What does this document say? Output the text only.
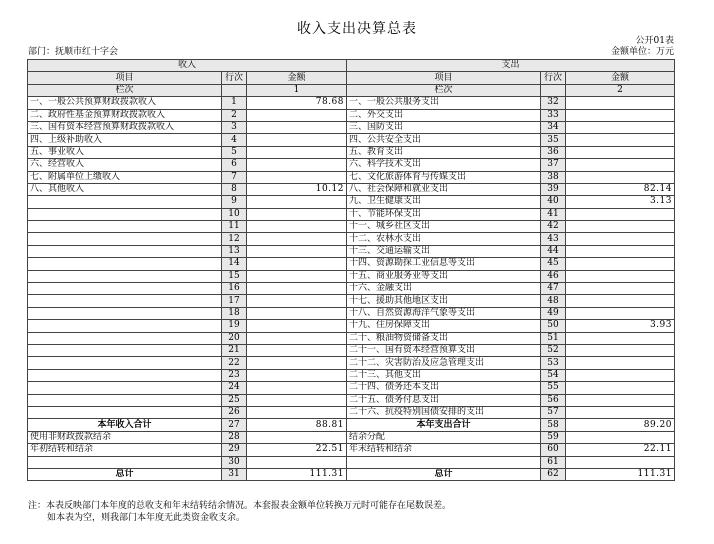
收入支出决算总表
公开01表
部门：抚顺市红十字会	金额单位：万元
收入			支出		
项目	行次	金额	项目	行次	金额
栏次		1	栏次		2
一、一般公共预算财政拨款收入	1	78.68	一、一般公共服务支出	32	
二、政府性基金预算财政拨款收入	2		二、外交支出	33	
三、国有资本经营预算财政拨款收入	3		三、国防支出	34	
四、上级补助收入	4		四、公共安全支出	35	
五、事业收入	5		五、教育支出	36	
六、经营收入	6		六、科学技术支出	37	
七、附属单位上缴收入	7		七、文化旅游体育与传媒支出	38	
八、其他收入	8	10.12	八、社会保障和就业支出	39	82.14
	9		九、卫生健康支出	40	3.13
	10		十、节能环保支出	41	
	11		十一、城乡社区支出	42	
	12		十二、农林水支出	43	
	13		十三、交通运输支出	44	
	14		十四、资源勘探工业信息等支出	45	
	15		十五、商业服务业等支出	46	
	16		十六、金融支出	47	
	17		十七、援助其他地区支出	48	
	18		十八、自然资源海洋气象等支出	49	
	19		十九、住房保障支出	50	3.93
	20		二十、粮油物资储备支出	51	
	21		二十一、国有资本经营预算支出	52	
	22		二十二、灾害防治及应急管理支出	53	
	23		二十三、其他支出	54	
	24		二十四、债务还本支出	55	
	25		二十五、债务付息支出	56	
	26		二十六、抗疫特别国债安排的支出	57	
本年收入合计	27	88.81	本年支出合计	58	89.20
使用非财政拨款结余	28		结余分配	59	
年初结转和结余	29	22.51	年末结转和结余	60	22.11
	30			61	
总计	31	111.31	总计	62	111.31
注：本表反映部门本年度的总收支和年末结转结余情况。本套报表金额单位转换万元时可能存在尾数误差。
如本表为空，则我部门本年度无此类资金收支余。
